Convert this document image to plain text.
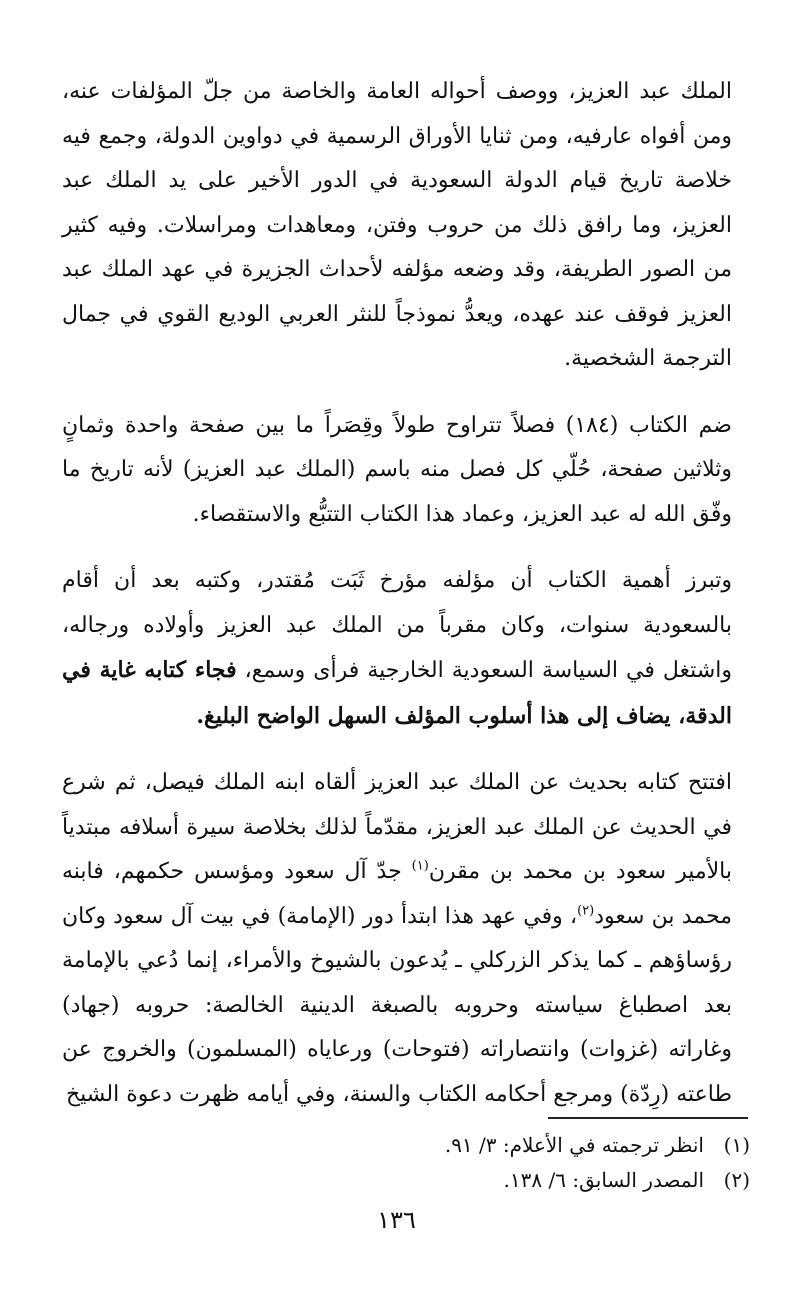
الملك عبد العزيز، ووصف أحواله العامة والخاصة من جلّ المؤلفات عنه، ومن أفواه عارفيه، ومن ثنايا الأوراق الرسمية في دواوين الدولة، وجمع فيه خلاصة تاريخ قيام الدولة السعودية في الدور الأخير على يد الملك عبد العزيز، وما رافق ذلك من حروب وفتن، ومعاهدات ومراسلات. وفيه كثير من الصور الطريفة، وقد وضعه مؤلفه لأحداث الجزيرة في عهد الملك عبد العزيز فوقف عند عهده، ويعدُّ نموذجاً للنثر العربي الوديع القوي في جمال الترجمة الشخصية.

ضم الكتاب (١٨٤) فصلاً تتراوح طولاً وقِصَراً ما بين صفحة واحدة وثمانٍ وثلاثين صفحة، حُلّي كل فصل منه باسم (الملك عبد العزيز) لأنه تاريخ ما وفّق الله له عبد العزيز، وعماد هذا الكتاب التتبُّع والاستقصاء.

وتبرز أهمية الكتاب أن مؤلفه مؤرخ ثَبَت مُقتدر، وكتبه بعد أن أقام بالسعودية سنوات، وكان مقرباً من الملك عبد العزيز وأولاده ورجاله، واشتغل في السياسة السعودية الخارجية فرأى وسمع، فجاء كتابه غاية في الدقة، يضاف إلى هذا أسلوب المؤلف السهل الواضح البليغ.

افتتح كتابه بحديث عن الملك عبد العزيز ألقاه ابنه الملك فيصل، ثم شرع في الحديث عن الملك عبد العزيز، مقدّماً لذلك بخلاصة سيرة أسلافه مبتدياً بالأمير سعود بن محمد بن مقرن$^{(١)}$ جدّ آل سعود ومؤسس حكمهم، فابنه محمد بن سعود$^{(٢)}$، وفي عهد هذا ابتدأ دور (الإمامة) في بيت آل سعود وكان رؤساؤهم ـ كما يذكر الزركلي ـ يُدعون بالشيوخ والأمراء، إنما دُعي بالإمامة بعد اصطباغ سياسته وحروبه بالصبغة الدينية الخالصة: حروبه (جهاد) وغاراته (غزوات) وانتصاراته (فتوحات) ورعاياه (المسلمون) والخروج عن طاعته (رِدّة) ومرجع أحكامه الكتاب والسنة، وفي أيامه ظهرت دعوة الشيخ

(١)
انظر ترجمته في الأعلام: ٣/ ٩١.
(٢)
المصدر السابق: ٦/ ١٣٨.
١٣٦
